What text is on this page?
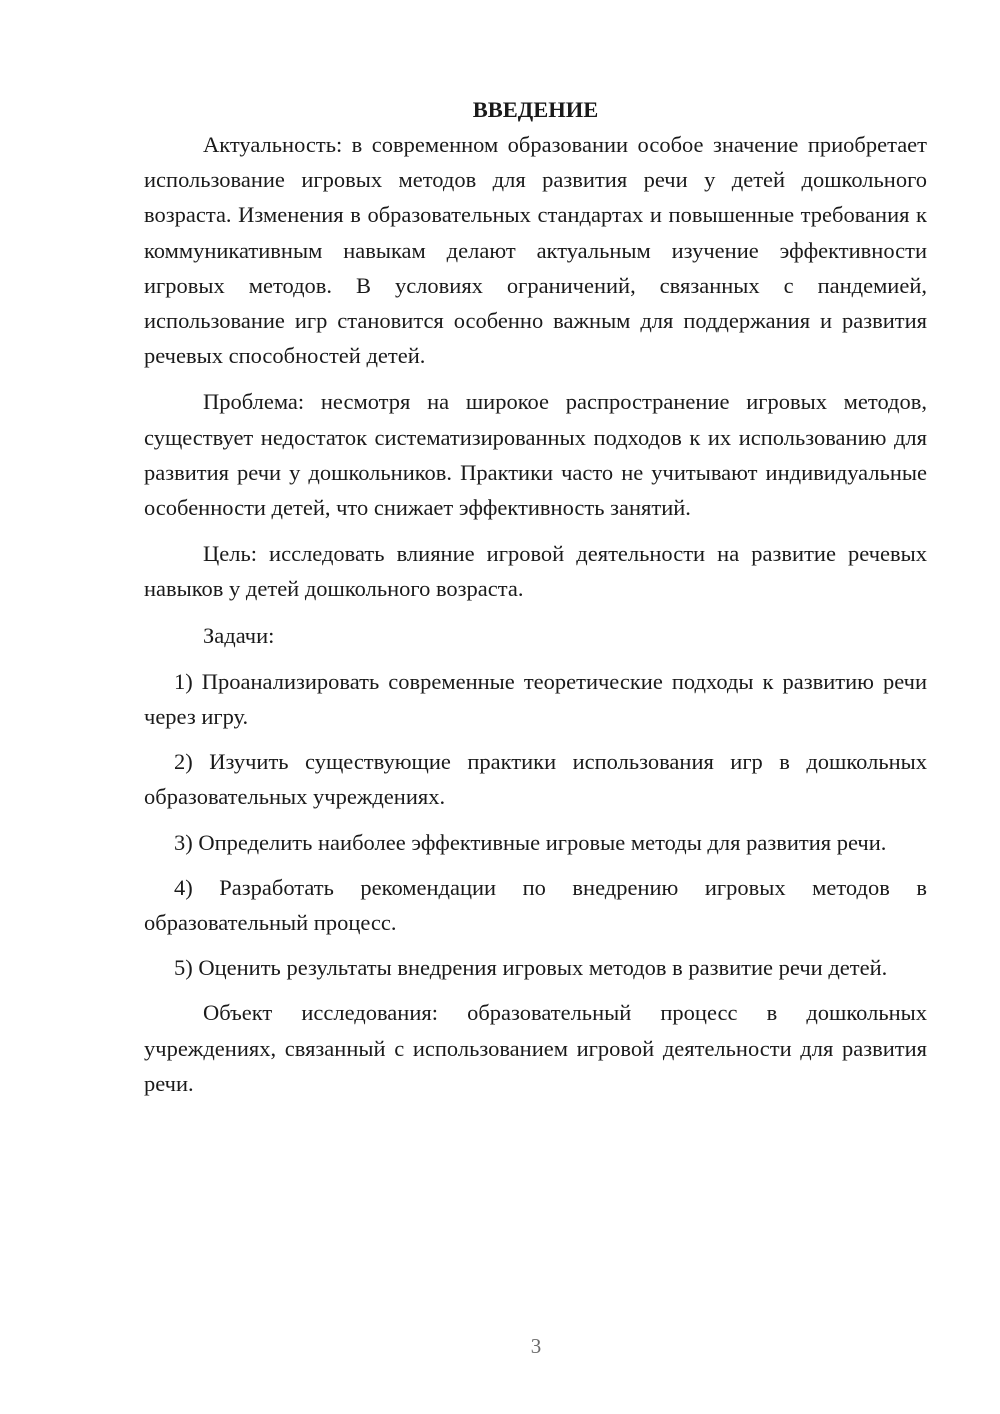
ВВЕДЕНИЕ

Актуальность: в современном образовании особое значение приобретает использование игровых методов для развития речи у детей дошкольного возраста. Изменения в образовательных стандартах и повышенные требования к коммуникативным навыкам делают актуальным изучение эффективности игровых методов. В условиях ограничений, связанных с пандемией, использование игр становится особенно важным для поддержания и развития речевых способностей детей.

Проблема: несмотря на широкое распространение игровых методов, существует недостаток систематизированных подходов к их использованию для развития речи у дошкольников. Практики часто не учитывают индивидуальные особенности детей, что снижает эффективность занятий.

Цель: исследовать влияние игровой деятельности на развитие речевых навыков у детей дошкольного возраста.

Задачи:

1) Проанализировать современные теоретические подходы к развитию речи через игру.

2) Изучить существующие практики использования игр в дошкольных образовательных учреждениях.

3) Определить наиболее эффективные игровые методы для развития речи.

4) Разработать рекомендации по внедрению игровых методов в образовательный процесс.

5) Оценить результаты внедрения игровых методов в развитие речи детей.

Объект исследования: образовательный процесс в дошкольных учреждениях, связанный с использованием игровой деятельности для развития речи.

3
